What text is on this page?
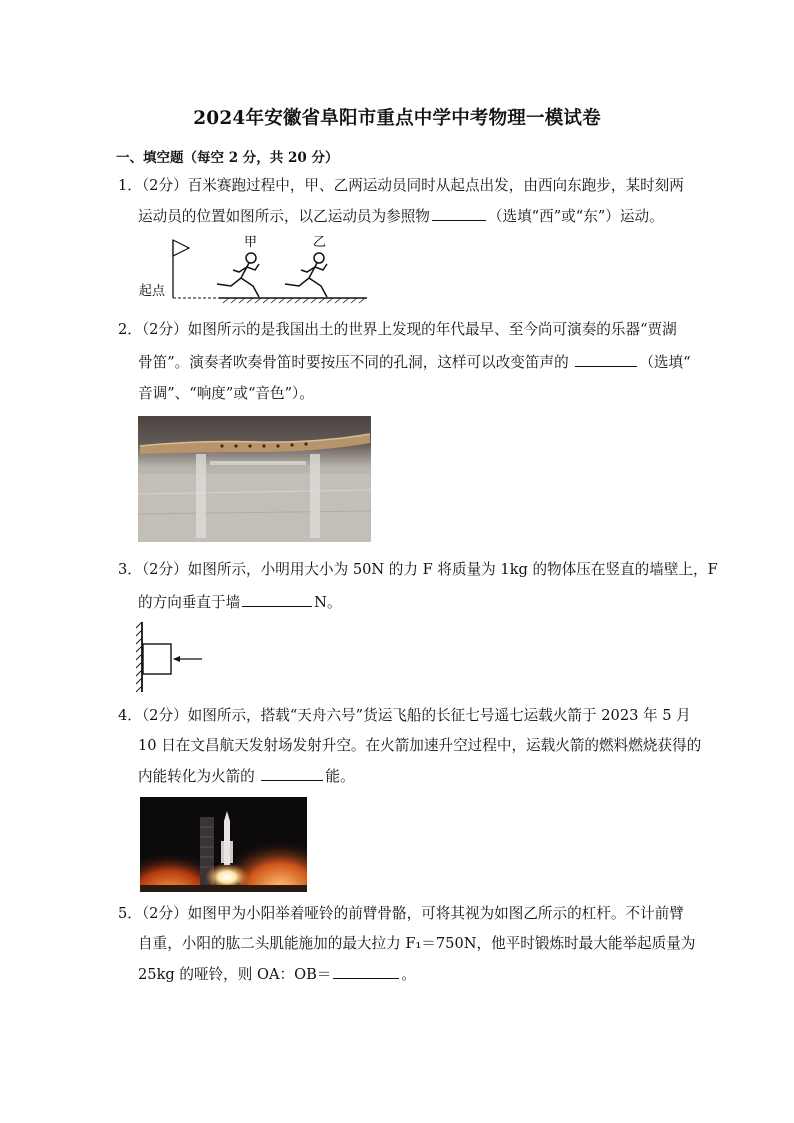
2024年安徽省阜阳市重点中学中考物理一模试卷
一、填空题（每空 2 分，共 20 分）
1．（2分）百米赛跑过程中，甲、乙两运动员同时从起点出发，由西向东跑步，某时刻两
运动员的位置如图所示，以乙运动员为参照物	（选填“西”或“东”）运动。
起点
甲	乙
2．（2分）如图所示的是我国出土的世界上发现的年代最早、至今尚可演奏的乐器“贾湖
骨笛”。演奏者吹奏骨笛时要按压不同的孔洞，这样可以改变笛声的	（选填“
音调”、“响度”或“音色”）。
3．（2分）如图所示，小明用大小为 50N 的力 F 将质量为 1kg 的物体压在竖直的墙壁上，F
的方向垂直于墙	N。
4．（2分）如图所示，搭载“天舟六号”货运飞船的长征七号遥七运载火箭于 2023 年 5 月
10 日在文昌航天发射场发射升空。在火箭加速升空过程中，运载火箭的燃料燃烧获得的
内能转化为火箭的	能。
5．（2分）如图甲为小阳举着哑铃的前臂骨骼，可将其视为如图乙所示的杠杆。不计前臂
自重，小阳的肱二头肌能施加的最大拉力 F₁＝750N，他平时锻炼时最大能举起质量为
25kg 的哑铃，则 OA：OB＝	。
